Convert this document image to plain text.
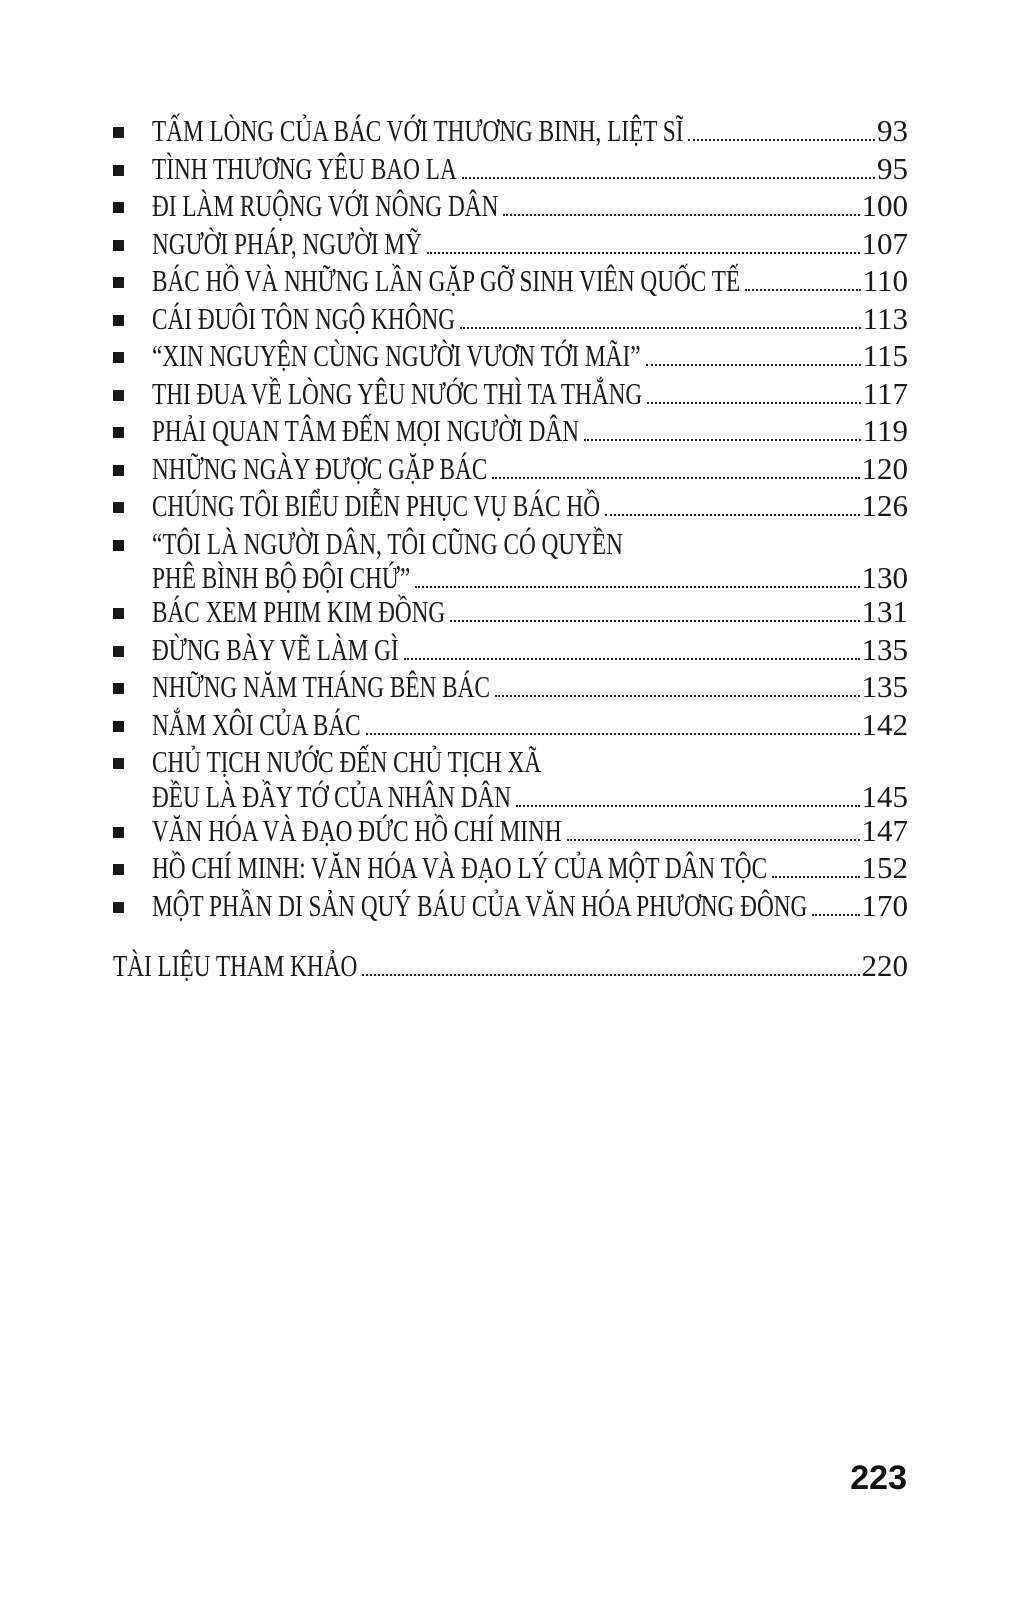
TẤM LÒNG CỦA BÁC VỚI THƯƠNG BINH, LIỆT SĨ	93
TÌNH THƯƠNG YÊU BAO LA	95
ĐI LÀM RUỘNG VỚI NÔNG DÂN	100
NGƯỜI PHÁP, NGƯỜI MỸ	107
BÁC HỒ VÀ NHỮNG LẦN GẶP GỠ SINH VIÊN QUỐC TẾ	110
CÁI ĐUÔI TÔN NGỘ KHÔNG	113
“XIN NGUYỆN CÙNG NGƯỜI VƯƠN TỚI MÃI”	115
THI ĐUA VỀ LÒNG YÊU NƯỚC THÌ TA THẮNG	117
PHẢI QUAN TÂM ĐẾN MỌI NGƯỜI DÂN	119
NHỮNG NGÀY ĐƯỢC GẶP BÁC	120
CHÚNG TÔI BIỂU DIỄN PHỤC VỤ BÁC HỒ	126
“TÔI LÀ NGƯỜI DÂN, TÔI CŨNG CÓ QUYỀN
PHÊ BÌNH BỘ ĐỘI CHỨ”	130
BÁC XEM PHIM KIM ĐỒNG	131
ĐỪNG BÀY VẼ LÀM GÌ	135
NHỮNG NĂM THÁNG BÊN BÁC	135
NẮM XÔI CỦA BÁC	142
CHỦ TỊCH NƯỚC ĐẾN CHỦ TỊCH XÃ
ĐỀU LÀ ĐẦY TỚ CỦA NHÂN DÂN	145
VĂN HÓA VÀ ĐẠO ĐỨC HỒ CHÍ MINH	147
HỒ CHÍ MINH: VĂN HÓA VÀ ĐẠO LÝ CỦA MỘT DÂN TỘC	152
MỘT PHẦN DI SẢN QUÝ BÁU CỦA VĂN HÓA PHƯƠNG ĐÔNG 170
TÀI LIỆU THAM KHẢO	220
223
